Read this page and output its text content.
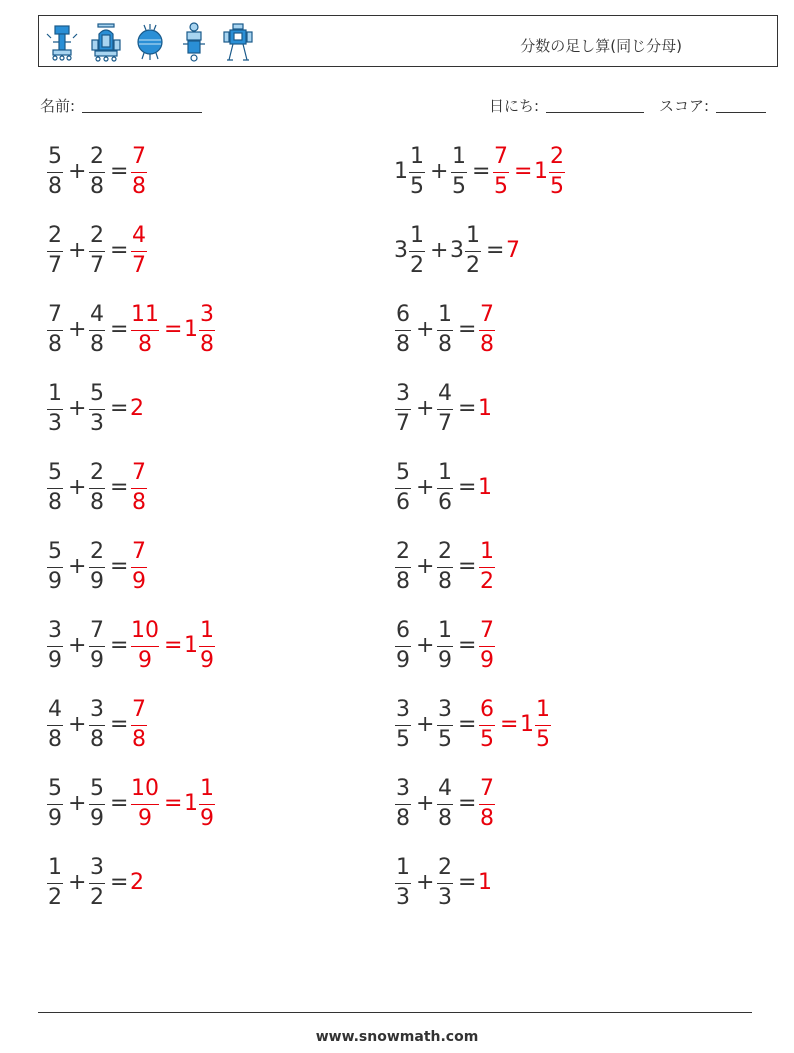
分数の足し算(同じ分母)
名前:	日にち:	スコア:
5
8
+
2
8
=
7
8
2
7
+
2
7
=
4
7
7
8
+
4
8
=
11
8
= 1
3
8
1
3
+
5
3
= 2
5
8
+
2
8
=
7
8
5
9
+
2
9
=
7
9
3
9
+
7
9
=
10
9
= 1
1
9
4
8
+
3
8
=
7
8
5
9
+
5
9
=
10
9
= 1
1
9
1
2
+
3
2
= 2
1
1
5
+
1
5
=
7
5
= 1
2
5
3
1
2
+ 3
1
2
= 7
6
8
+
1
8
=
7
8
3
7
+
4
7
= 1
5
6
+
1
6
= 1
2
8
+
2
8
=
1
2
6
9
+
1
9
=
7
9
3
5
+
3
5
=
6
5
= 1
1
5
3
8
+
4
8
=
7
8
1
3
+
2
3
= 1
www.snowmath.com
